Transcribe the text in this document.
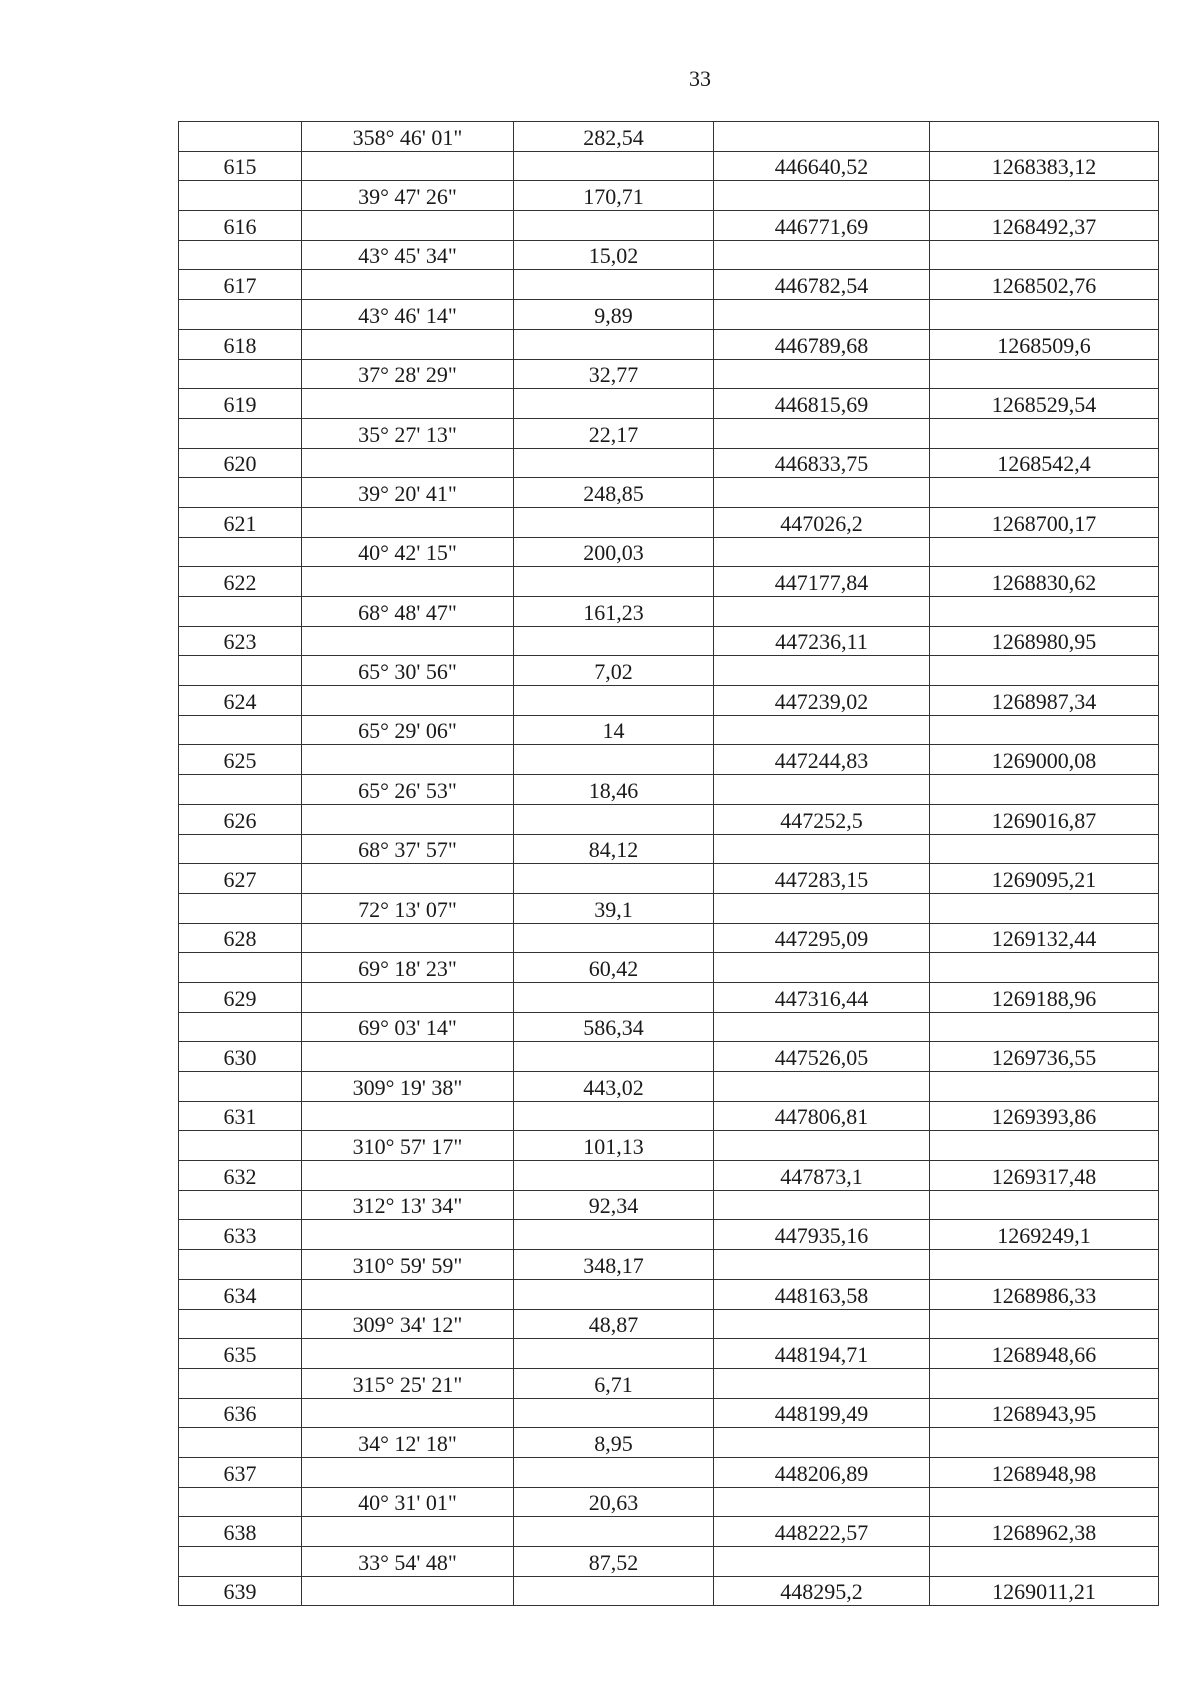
33
	358° 46' 01"	282,54		
615			446640,52	1268383,12
	39° 47' 26"	170,71		
616			446771,69	1268492,37
	43° 45' 34"	15,02		
617			446782,54	1268502,76
	43° 46' 14"	9,89		
618			446789,68	1268509,6
	37° 28' 29"	32,77		
619			446815,69	1268529,54
	35° 27' 13"	22,17		
620			446833,75	1268542,4
	39° 20' 41"	248,85		
621			447026,2	1268700,17
	40° 42' 15"	200,03		
622			447177,84	1268830,62
	68° 48' 47"	161,23		
623			447236,11	1268980,95
	65° 30' 56"	7,02		
624			447239,02	1268987,34
	65° 29' 06"	14		
625			447244,83	1269000,08
	65° 26' 53"	18,46		
626			447252,5	1269016,87
	68° 37' 57"	84,12		
627			447283,15	1269095,21
	72° 13' 07"	39,1		
628			447295,09	1269132,44
	69° 18' 23"	60,42		
629			447316,44	1269188,96
	69° 03' 14"	586,34		
630			447526,05	1269736,55
	309° 19' 38"	443,02		
631			447806,81	1269393,86
	310° 57' 17"	101,13		
632			447873,1	1269317,48
	312° 13' 34"	92,34		
633			447935,16	1269249,1
	310° 59' 59"	348,17		
634			448163,58	1268986,33
	309° 34' 12"	48,87		
635			448194,71	1268948,66
	315° 25' 21"	6,71		
636			448199,49	1268943,95
	34° 12' 18"	8,95		
637			448206,89	1268948,98
	40° 31' 01"	20,63		
638			448222,57	1268962,38
	33° 54' 48"	87,52		
639			448295,2	1269011,21
